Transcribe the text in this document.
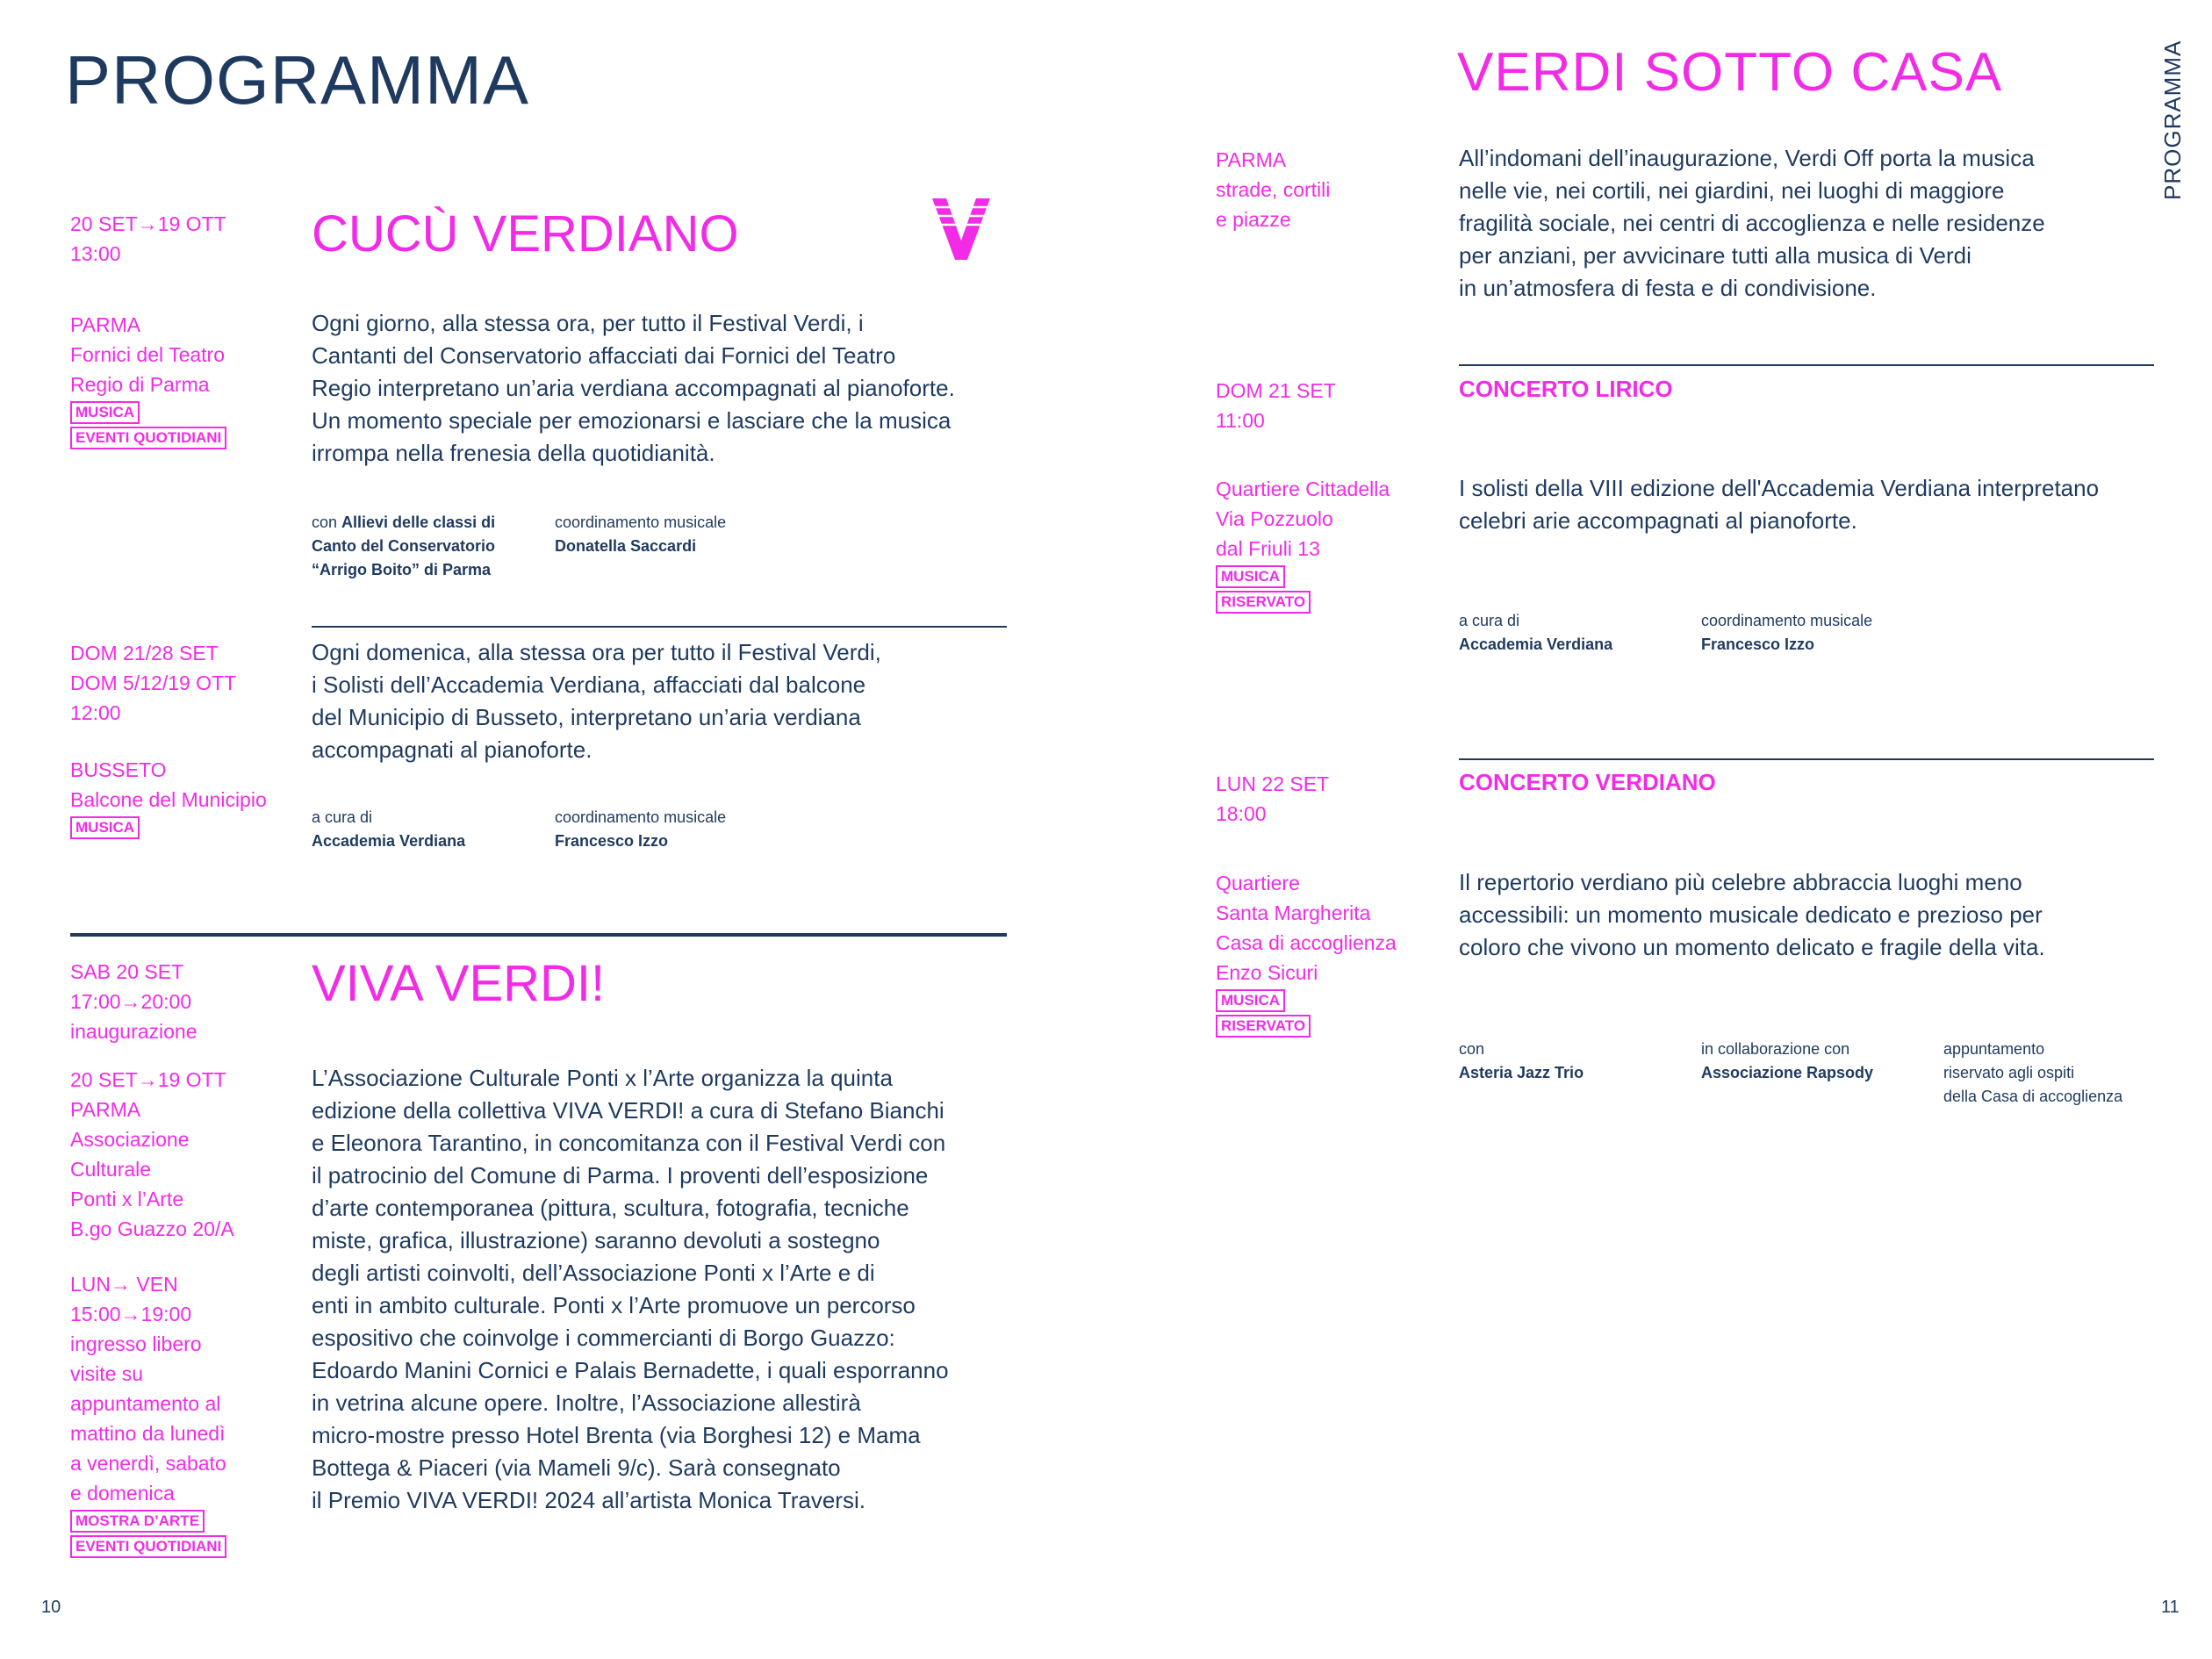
PROGRAMMA
20 SET→19 OTT
13:00	CUCÙ VERDIANO
PARMA
Fornici del Teatro
Regio di Parma
MUSICA
EVENTI QUOTIDIANI
Ogni giorno, alla stessa ora, per tutto il Festival Verdi, i
Cantanti del Conservatorio affacciati dai Fornici del Teatro
Regio interpretano un’aria verdiana accompagnati al pianoforte.
Un momento speciale per emozionarsi e lasciare che la musica
irrompa nella frenesia della quotidianità.
con Allievi delle classi di
Canto del Conservatorio
“Arrigo Boito” di Parma
coordinamento musicale
Donatella Saccardi
DOM 21/28 SET
DOM 5/12/19 OTT
12:00
BUSSETO
Balcone del Municipio
MUSICA
Ogni domenica, alla stessa ora per tutto il Festival Verdi,
i Solisti dell’Accademia Verdiana, affacciati dal balcone
del Municipio di Busseto, interpretano un’aria verdiana
accompagnati al pianoforte.
a cura di
Accademia Verdiana
coordinamento musicale
Francesco Izzo
SAB 20 SET
17:00→20:00
inaugurazione
VIVA VERDI!
20 SET→19 OTT
PARMA
Associazione
Culturale
Ponti x l’Arte
B.go Guazzo 20/A
LUN→ VEN
15:00→19:00
ingresso libero
visite su
appuntamento al
mattino da lunedì
a venerdì, sabato
e domenica
MOSTRA D’ARTE
EVENTI QUOTIDIANI
L’Associazione Culturale Ponti x l’Arte organizza la quinta
edizione della collettiva VIVA VERDI! a cura di Stefano Bianchi
e Eleonora Tarantino, in concomitanza con il Festival Verdi con
il patrocinio del Comune di Parma. I proventi dell’esposizione
d’arte contemporanea (pittura, scultura, fotografia, tecniche
miste, grafica, illustrazione) saranno devoluti a sostegno
degli artisti coinvolti, dell’Associazione Ponti x l’Arte e di
enti in ambito culturale. Ponti x l’Arte promuove un percorso
espositivo che coinvolge i commercianti di Borgo Guazzo:
Edoardo Manini Cornici e Palais Bernadette, i quali esporranno
in vetrina alcune opere. Inoltre, l’Associazione allestirà
micro-mostre presso Hotel Brenta (via Borghesi 12) e Mama
Bottega & Piaceri (via Mameli 9/c). Sarà consegnato
il Premio VIVA VERDI! 2024 all’artista Monica Traversi.
10
VERDI SOTTO CASA	PROGRAMMA
PARMA
strade, cortili
e piazze
All’indomani dell’inaugurazione, Verdi Off porta la musica
nelle vie, nei cortili, nei giardini, nei luoghi di maggiore
fragilità sociale, nei centri di accoglienza e nelle residenze
per anziani, per avvicinare tutti alla musica di Verdi
in un’atmosfera di festa e di condivisione.
DOM 21 SET
11:00
CONCERTO LIRICO
Quartiere Cittadella
Via Pozzuolo
dal Friuli 13
MUSICA
RISERVATO
I solisti della VIII edizione dell'Accademia Verdiana interpretano
celebri arie accompagnati al pianoforte.
a cura di
Accademia Verdiana
coordinamento musicale
Francesco Izzo
LUN 22 SET
18:00
CONCERTO VERDIANO
Quartiere
Santa Margherita
Casa di accoglienza
Enzo Sicuri
MUSICA
RISERVATO
Il repertorio verdiano più celebre abbraccia luoghi meno
accessibili: un momento musicale dedicato e prezioso per
coloro che vivono un momento delicato e fragile della vita.
con
Asteria Jazz Trio
in collaborazione con
Associazione Rapsody
appuntamento
riservato agli ospiti
della Casa di accoglienza
11
